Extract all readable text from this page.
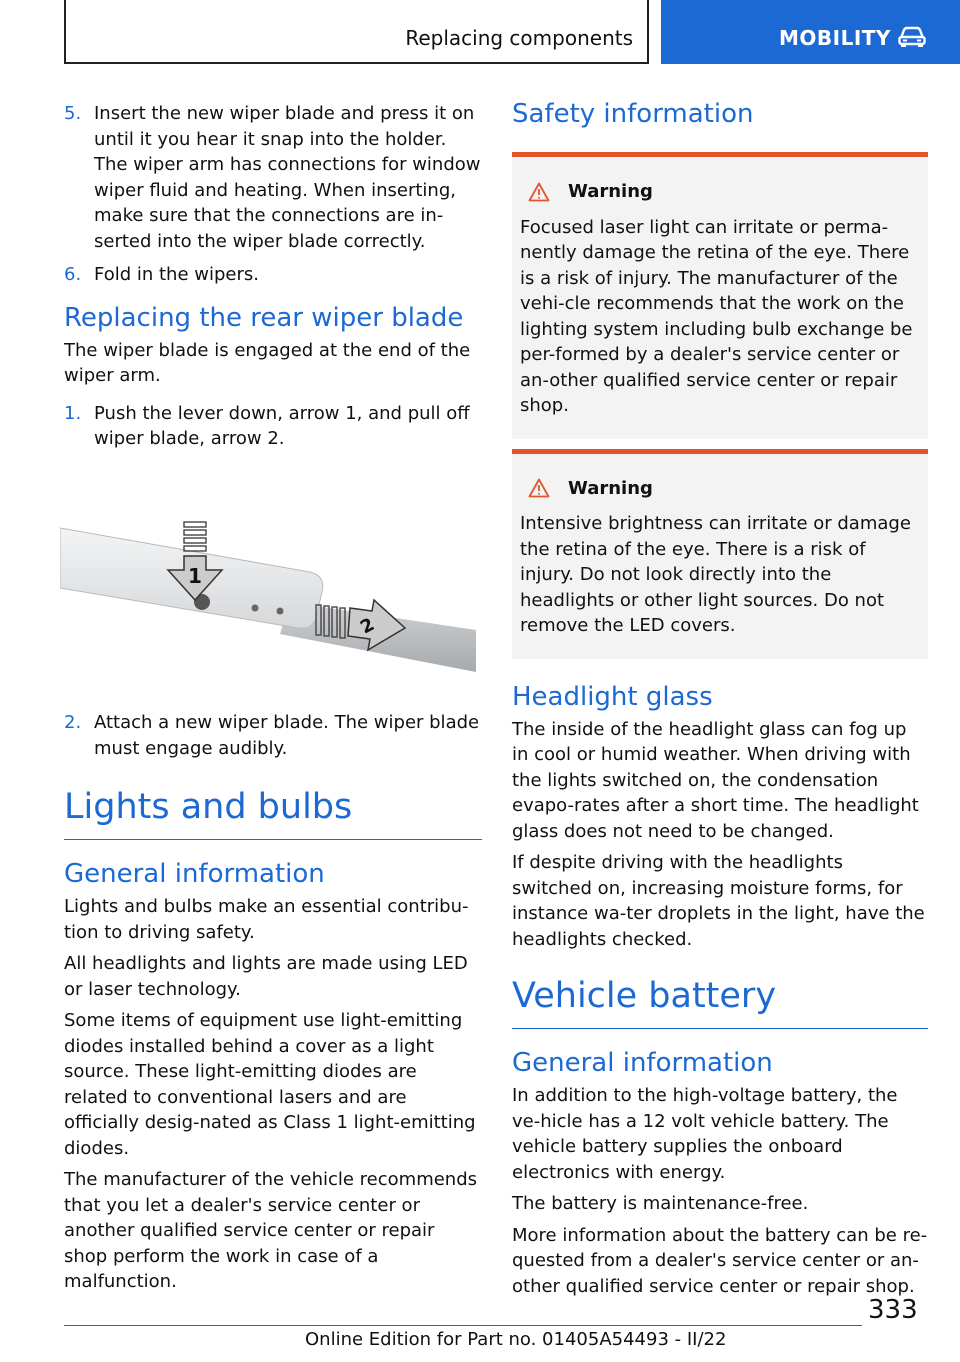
Replacing components	MOBILITY
5. Insert the new wiper blade and press it on until it you hear it snap into the holder. The wiper arm has connections for window wiper fluid and heating. When inserting, make sure that the connections are in-serted into the wiper blade correctly.
6. Fold in the wipers.
Replacing the rear wiper blade

The wiper blade is engaged at the end of the wiper arm.

1. Push the lever down, arrow 1, and pull off wiper blade, arrow 2.
1
2
2. Attach a new wiper blade. The wiper blade must engage audibly.
Lights and bulbs
General information

Lights and bulbs make an essential contribu-tion to driving safety.

All headlights and lights are made using LED or laser technology.

Some items of equipment use light-emitting diodes installed behind a cover as a light source. These light-emitting diodes are related to conventional lasers and are officially desig-nated as Class 1 light-emitting diodes.

The manufacturer of the vehicle recommends that you let a dealer's service center or another qualified service center or repair shop perform the work in case of a malfunction.

Safety information
Warning

Focused laser light can irritate or perma-nently damage the retina of the eye. There is a risk of injury. The manufacturer of the vehi-cle recommends that the work on the lighting system including bulb exchange be per-formed by a dealer's service center or an-other qualified service center or repair shop.

Warning

Intensive brightness can irritate or damage the retina of the eye. There is a risk of injury. Do not look directly into the headlights or other light sources. Do not remove the LED covers.

Headlight glass

The inside of the headlight glass can fog up in cool or humid weather. When driving with the lights switched on, the condensation evapo-rates after a short time. The headlight glass does not need to be changed.

If despite driving with the headlights switched on, increasing moisture forms, for instance wa-ter droplets in the light, have the headlights checked.

Vehicle battery
General information

In addition to the high-voltage battery, the ve-hicle has a 12 volt vehicle battery. The vehicle battery supplies the onboard electronics with energy.

The battery is maintenance-free.

More information about the battery can be re-quested from a dealer's service center or an-other qualified service center or repair shop.

333
Online Edition for Part no. 01405A54493 - II/22
